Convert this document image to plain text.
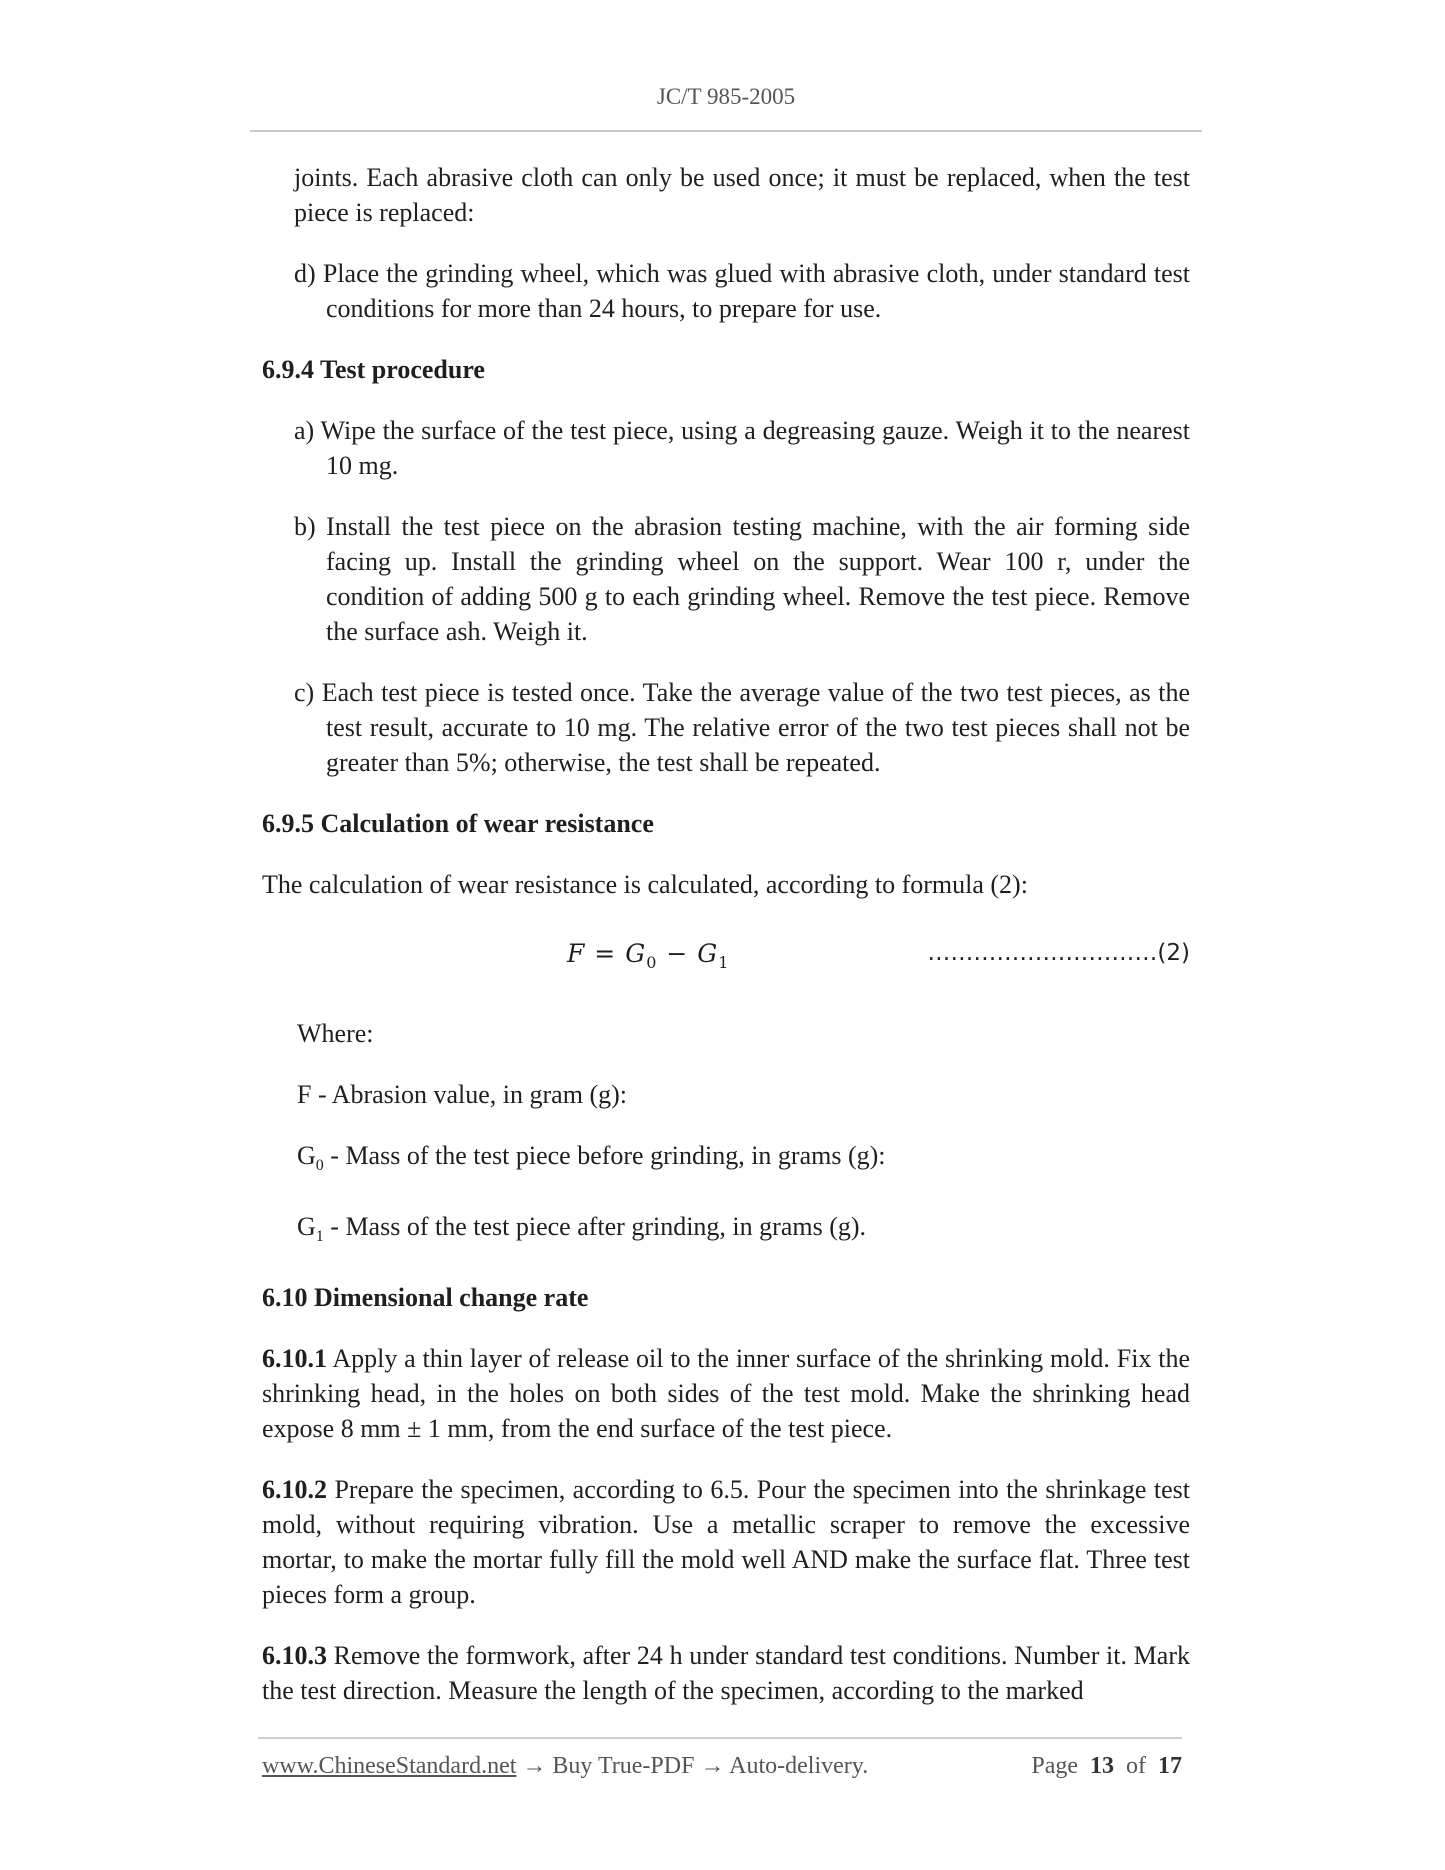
JC/T 985-2005
joints. Each abrasive cloth can only be used once; it must be replaced, when the test piece is replaced:
d) Place the grinding wheel, which was glued with abrasive cloth, under standard test conditions for more than 24 hours, to prepare for use.
6.9.4 Test procedure
a) Wipe the surface of the test piece, using a degreasing gauze. Weigh it to the nearest 10 mg.
b) Install the test piece on the abrasion testing machine, with the air forming side facing up. Install the grinding wheel on the support. Wear 100 r, under the condition of adding 500 g to each grinding wheel. Remove the test piece. Remove the surface ash. Weigh it.
c) Each test piece is tested once. Take the average value of the two test pieces, as the test result, accurate to 10 mg. The relative error of the two test pieces shall not be greater than 5%; otherwise, the test shall be repeated.
6.9.5 Calculation of wear resistance
The calculation of wear resistance is calculated, according to formula (2):
$F = G_0 - G_1$	…………………………(2)
Where:
F - Abrasion value, in gram (g):
$G_0$ - Mass of the test piece before grinding, in grams (g):
$G_1$ - Mass of the test piece after grinding, in grams (g).
6.10 Dimensional change rate
6.10.1 Apply a thin layer of release oil to the inner surface of the shrinking mold. Fix the shrinking head, in the holes on both sides of the test mold. Make the shrinking head expose 8 mm ± 1 mm, from the end surface of the test piece.
6.10.2 Prepare the specimen, according to 6.5. Pour the specimen into the shrinkage test mold, without requiring vibration. Use a metallic scraper to remove the excessive mortar, to make the mortar fully fill the mold well AND make the surface flat. Three test pieces form a group.
6.10.3 Remove the formwork, after 24 h under standard test conditions. Number it. Mark the test direction. Measure the length of the specimen, according to the marked
www.ChineseStandard.net → Buy True-PDF → Auto-delivery.	Page 13 of 17
